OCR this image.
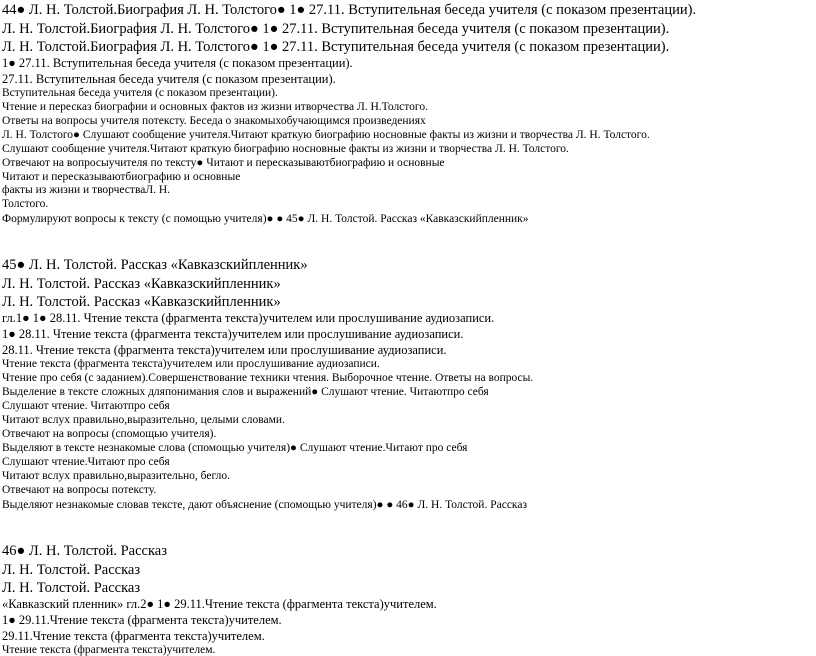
44● Л. Н. Толстой.Биография Л. Н. Толстого● 1● 27.11. Вступительная беседа учителя (с показом презентации).
Л. Н. Толстой.Биография Л. Н. Толстого● 1● 27.11. Вступительная беседа учителя (с показом презентации).
Л. Н. Толстой.Биография Л. Н. Толстого● 1● 27.11. Вступительная беседа учителя (с показом презентации).
1● 27.11. Вступительная беседа учителя (с показом презентации).
27.11. Вступительная беседа учителя (с показом презентации).
Вступительная беседа учителя (с показом презентации).
Чтение и пересказ биографии и основных фактов из жизни итворчества Л. Н.Толстого.
Ответы на вопросы учителя потексту. Беседа о знакомыхобучающимся произведениях
Л. Н. Толстого● Слушают сообщение учителя.Читают краткую биографию носновные факты из жизни и творчества Л. Н. Толстого.
Слушают сообщение учителя.Читают краткую биографию носновные факты из жизни и творчества Л. Н. Толстого.
Отвечают на вопросыучителя по тексту● Читают и пересказываютбиографию и основные
Читают и пересказываютбиографию и основные
факты из жизни и творчестваЛ. Н.
Толстого.
Формулируют вопросы к тексту (с помощью учителя)● ● 45● Л. Н. Толстой. Рассказ «Кавказскийпленник»
45● Л. Н. Толстой. Рассказ «Кавказскийпленник»
Л. Н. Толстой. Рассказ «Кавказскийпленник»
Л. Н. Толстой. Рассказ «Кавказскийпленник»
гл.1● 1● 28.11. Чтение текста (фрагмента текста)учителем или прослушивание аудиозаписи.
1● 28.11. Чтение текста (фрагмента текста)учителем или прослушивание аудиозаписи.
28.11. Чтение текста (фрагмента текста)учителем или прослушивание аудиозаписи.
Чтение текста (фрагмента текста)учителем или прослушивание аудиозаписи.
Чтение про себя (с заданием).Совершенствование техники чтения. Выборочное чтение. Ответы на вопросы.
Выделение в тексте сложных дляпонимания слов и выражений● Слушают чтение. Читаютпро себя
Слушают чтение. Читаютпро себя
Читают вслух правильно,выразительно, целыми словами.
Отвечают на вопросы (спомощью учителя).
Выделяют в тексте незнакомые слова (спомощью учителя)● Слушают чтение.Читают про себя
Слушают чтение.Читают про себя
Читают вслух правильно,выразительно, бегло.
Отвечают на вопросы потексту.
Выделяют незнакомые словав тексте, дают объяснение (спомощью учителя)● ● 46● Л. Н. Толстой. Рассказ
46● Л. Н. Толстой. Рассказ
Л. Н. Толстой. Рассказ
Л. Н. Толстой. Рассказ
«Кавказский пленник» гл.2● 1● 29.11.Чтение текста (фрагмента текста)учителем.
1● 29.11.Чтение текста (фрагмента текста)учителем.
29.11.Чтение текста (фрагмента текста)учителем.
Чтение текста (фрагмента текста)учителем.
